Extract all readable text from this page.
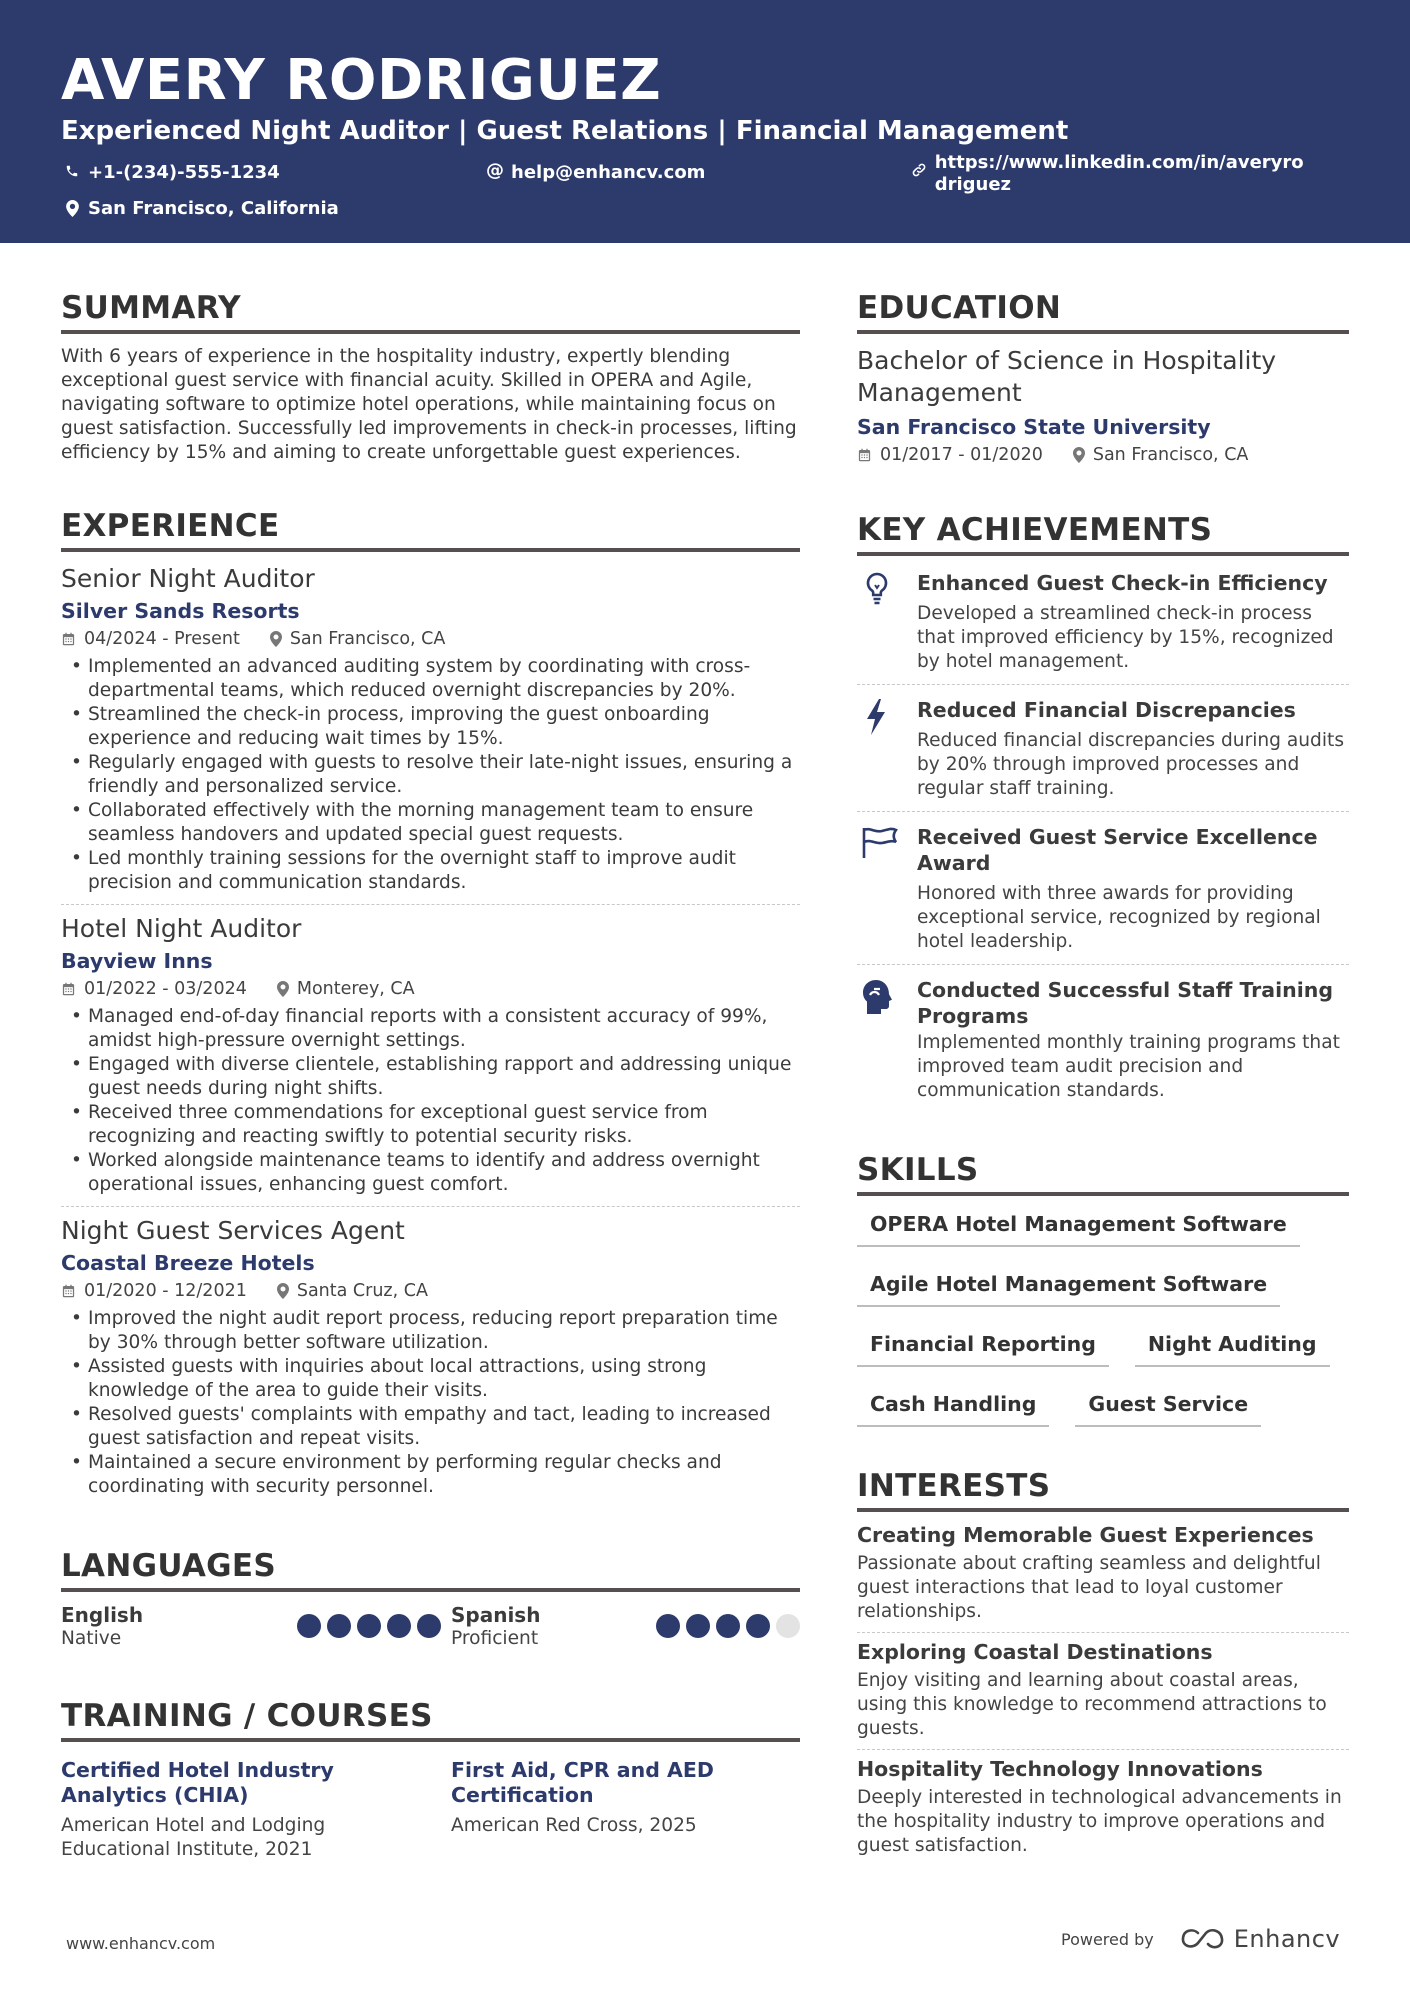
AVERY RODRIGUEZ
Experienced Night Auditor | Guest Relations | Financial Management
+1-(234)-555-1234	@ help@enhancv.com	https://www.linkedin.com/in/averyrodriguez
San Francisco, California
SUMMARY
With 6 years of experience in the hospitality industry, expertly blending exceptional guest service with financial acuity. Skilled in OPERA and Agile, navigating software to optimize hotel operations, while maintaining focus on guest satisfaction. Successfully led improvements in check-in processes, lifting efficiency by 15% and aiming to create unforgettable guest experiences.
EXPERIENCE
Senior Night Auditor
Silver Sands Resorts
04/2024 - Present	San Francisco, CA
• Implemented an advanced auditing system by coordinating with cross-departmental teams, which reduced overnight discrepancies by 20%.
• Streamlined the check-in process, improving the guest onboarding experience and reducing wait times by 15%.
• Regularly engaged with guests to resolve their late-night issues, ensuring a friendly and personalized service.
• Collaborated effectively with the morning management team to ensure seamless handovers and updated special guest requests.
• Led monthly training sessions for the overnight staff to improve audit precision and communication standards.
Hotel Night Auditor
Bayview Inns
01/2022 - 03/2024	Monterey, CA
• Managed end-of-day financial reports with a consistent accuracy of 99%, amidst high-pressure overnight settings.
• Engaged with diverse clientele, establishing rapport and addressing unique guest needs during night shifts.
• Received three commendations for exceptional guest service from recognizing and reacting swiftly to potential security risks.
• Worked alongside maintenance teams to identify and address overnight operational issues, enhancing guest comfort.
Night Guest Services Agent
Coastal Breeze Hotels
01/2020 - 12/2021	Santa Cruz, CA
• Improved the night audit report process, reducing report preparation time by 30% through better software utilization.
• Assisted guests with inquiries about local attractions, using strong knowledge of the area to guide their visits.
• Resolved guests' complaints with empathy and tact, leading to increased guest satisfaction and repeat visits.
• Maintained a secure environment by performing regular checks and coordinating with security personnel.
LANGUAGES
English
Native
Spanish
Proficient
TRAINING / COURSES
Certified Hotel Industry Analytics (CHIA)
American Hotel and Lodging Educational Institute, 2021
First Aid, CPR and AED Certification
American Red Cross, 2025
EDUCATION
Bachelor of Science in Hospitality Management
San Francisco State University
01/2017 - 01/2020	San Francisco, CA
KEY ACHIEVEMENTS
Enhanced Guest Check-in Efficiency
Developed a streamlined check-in process that improved efficiency by 15%, recognized by hotel management.
Reduced Financial Discrepancies
Reduced financial discrepancies during audits by 20% through improved processes and regular staff training.
Received Guest Service Excellence Award
Honored with three awards for providing exceptional service, recognized by regional hotel leadership.
Conducted Successful Staff Training Programs
Implemented monthly training programs that improved team audit precision and communication standards.
SKILLS
OPERA Hotel Management Software
Agile Hotel Management Software
Financial Reporting	Night Auditing
Cash Handling	Guest Service
INTERESTS
Creating Memorable Guest Experiences
Passionate about crafting seamless and delightful guest interactions that lead to loyal customer relationships.
Exploring Coastal Destinations
Enjoy visiting and learning about coastal areas, using this knowledge to recommend attractions to guests.
Hospitality Technology Innovations
Deeply interested in technological advancements in the hospitality industry to improve operations and guest satisfaction.
www.enhancv.com	Powered by	Enhancv
